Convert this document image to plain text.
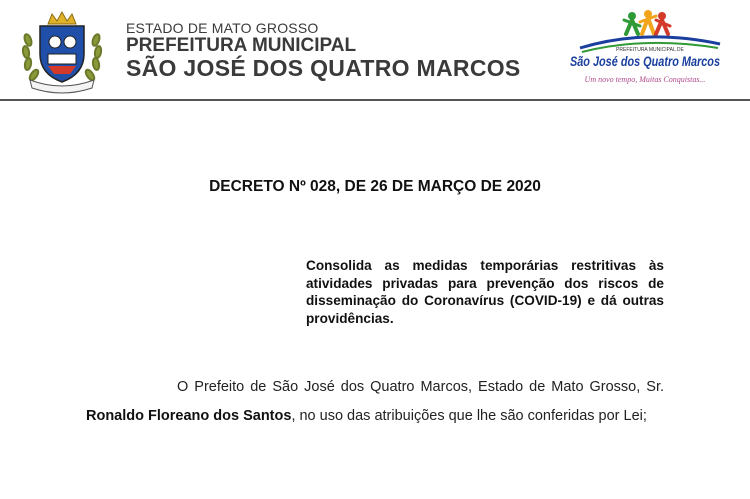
ESTADO DE MATO GROSSO
PREFEITURA MUNICIPAL
SÃO JOSÉ DOS QUATRO MARCOS
PREFEITURA MUNICIPAL DE
São José dos Quatro Marcos
Um novo tempo, Muitas Conquistas...
DECRETO Nº 028, DE 26 DE MARÇO DE 2020
Consolida as medidas temporárias restritivas às atividades privadas para prevenção dos riscos de disseminação do Coronavírus (COVID-19) e dá outras providências.

O Prefeito de São José dos Quatro Marcos, Estado de Mato Grosso, Sr. Ronaldo Floreano dos Santos, no uso das atribuições que lhe são conferidas por Lei;
